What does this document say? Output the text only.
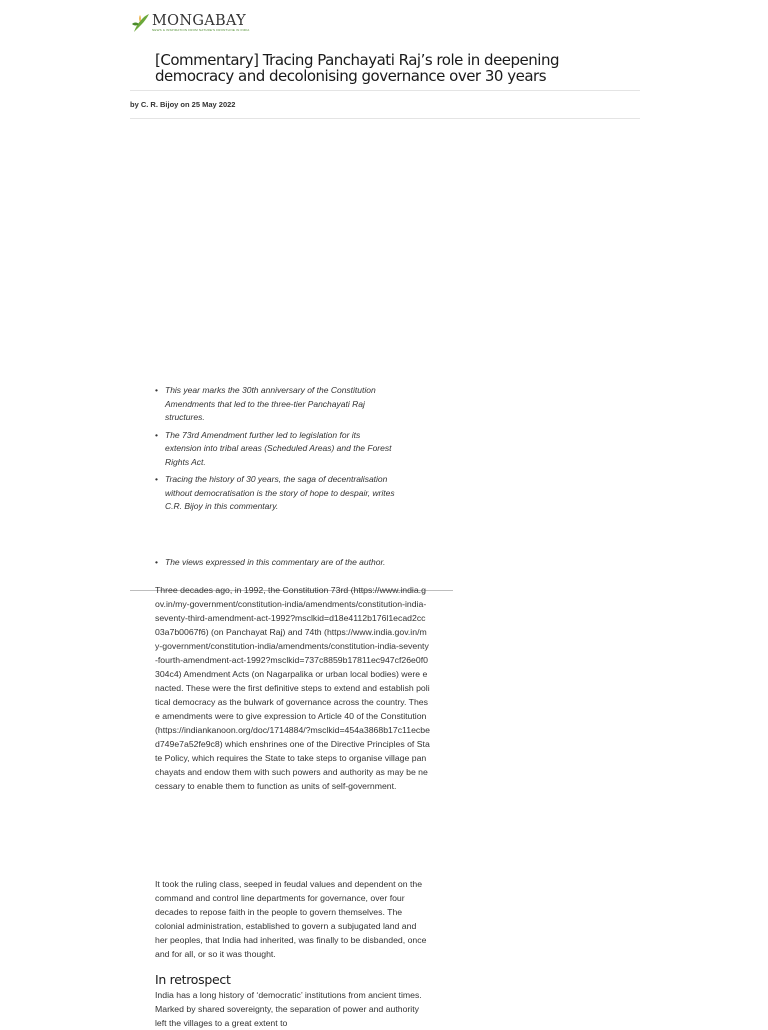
MONGABAY
NEWS & INSPIRATION FROM NATURE'S FRONTLINE IN INDIA
[Commentary] Tracing Panchayati Raj’s role in deepening democracy and decolonising governance over 30 years
by C. R. Bijoy on 25 May 2022
• This year marks the 30th anniversary of the Constitution Amendments that led to the three-tier Panchayati Raj structures.
• The 73rd Amendment further led to legislation for its extension into tribal areas (Scheduled Areas) and the Forest Rights Act.
• Tracing the history of 30 years, the saga of decentralisation without democratisation is the story of hope to despair, writes C.R. Bijoy in this commentary.
• The views expressed in this commentary are of the author.

Three decades ago, in 1992, the Constitution 73rd (https://www.india.gov.in/my-government/constitution-india/amendments/constitution-india-seventy-third-amendment-act-1992?msclkid=d18e4112b176l1ecad2cc03a7b0067f6) (on Panchayat Raj) and 74th (https://www.india.gov.in/my-government/constitution-india/amendments/constitution-india-seventy-fourth-amendment-act-1992?msclkid=737c8859b17811ec947cf26e0f0304c4) Amendment Acts (on Nagarpalika or urban local bodies) were enacted. These were the first definitive steps to extend and establish political democracy as the bulwark of governance across the country. These amendments were to give expression to Article 40 of the Constitution (https://indiankanoon.org/doc/1714884/?msclkid=454a3868b17c11ecbed749e7a52fe9c8) which enshrines one of the Directive Principles of State Policy, which requires the State to take steps to organise village panchayats and endow them with such powers and authority as may be necessary to enable them to function as units of self-government.

It took the ruling class, seeped in feudal values and dependent on the command and control line departments for governance, over four decades to repose faith in the people to govern themselves. The colonial administration, established to govern a subjugated land and her peoples, that India had inherited, was finally to be disbanded, once and for all, or so it was thought.

In retrospect

India has a long history of ‘democratic’ institutions from ancient times. Marked by shared sovereignty, the separation of power and authority left the villages to a great extent to
